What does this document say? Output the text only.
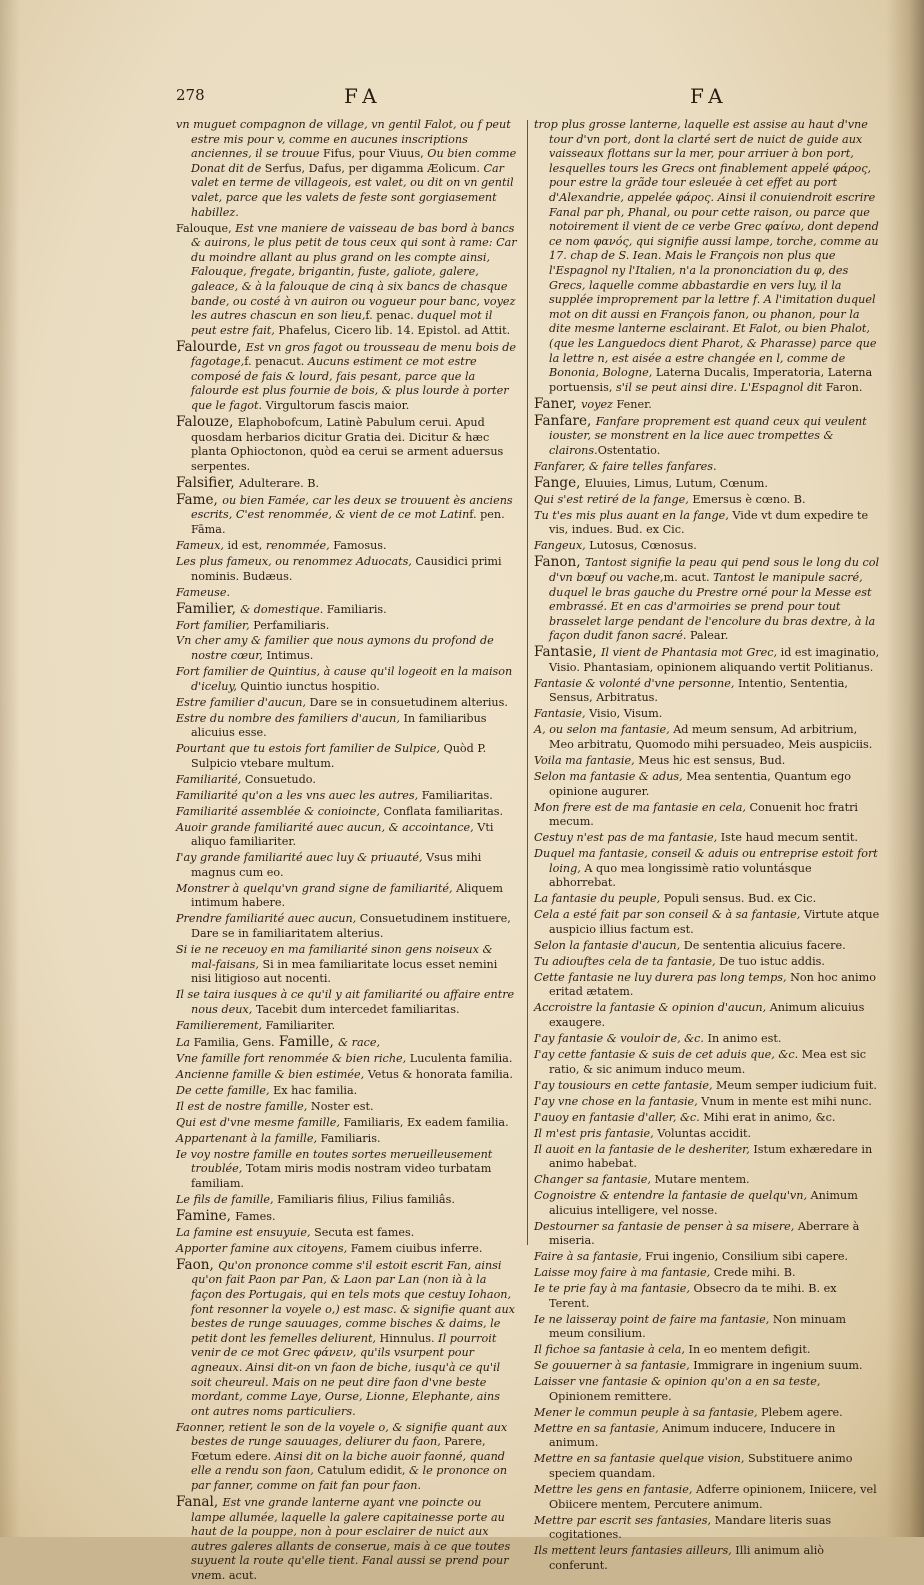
278	FA	FA

vn muguet compagnon de village, vn gentil Falot, ou f peut estre mis pour v, comme en aucunes inscriptions anciennes, il se trouue Fifus, pour Viuus, Ou bien comme Donat dit de Serfus, Dafus, per digamma Æolicum. Car valet en terme de villageois, est valet, ou dit on vn gentil valet, parce que les valets de feste sont gorgiasement habillez.

Falouque, Est vne maniere de vaisseau de bas bord à bancs & auirons, le plus petit de tous ceux qui sont à rame: Car du moindre allant au plus grand on les compte ainsi, Falouque, fregate, brigantin, fuste, galiote, galere, galeace, & à la falouque de cinq à six bancs de chasque bande, ou costé à vn auiron ou vogueur pour banc, voyez les autres chascun en son lieu,f. penac. duquel mot il peut estre fait, Phafelus, Cicero lib. 14. Epistol. ad Attit.

Falourde, Est vn gros fagot ou trousseau de menu bois de fagotage,f. penacut. Aucuns estiment ce mot estre composé de fais & lourd, fais pesant, parce que la falourde est plus fournie de bois, & plus lourde à porter que le fagot. Virgultorum fascis maior.

Falouze, Elaphobofcum, Latinè Pabulum cerui. Apud quosdam herbarios dicitur Gratia dei. Dicitur & hæc planta Ophioctonon, quòd ea cerui se arment aduersus serpentes.

Falsifier, Adulterare. B.

Fame, ou bien Famée, car les deux se trouuent ès anciens escrits, C'est renommée, & vient de ce mot Latinf. pen. Fāma.

Fameux, id est, renommée, Famosus.

Les plus fameux, ou renommez Aduocats, Causidici primi nominis. Budæus.

Fameuse.

Familier, & domestique. Familiaris.

Fort familier, Perfamiliaris.

Vn cher amy & familier que nous aymons du profond de nostre cœur, Intimus.

Fort familier de Quintius, à cause qu'il logeoit en la maison d'iceluy, Quintio iunctus hospitio.

Estre familier d'aucun, Dare se in consuetudinem alterius.

Estre du nombre des familiers d'aucun, In familiaribus alicuius esse.

Pourtant que tu estois fort familier de Sulpice, Quòd P. Sulpicio vtebare multum.

Familiarité, Consuetudo.

Familiarité qu'on a les vns auec les autres, Familiaritas.

Familiarité assemblée & conioincte, Conflata familiaritas.

Auoir grande familiarité auec aucun, & accointance, Vti aliquo familiariter.

I'ay grande familiarité auec luy & priuauté, Vsus mihi magnus cum eo.

Monstrer à quelqu'vn grand signe de familiarité, Aliquem intimum habere.

Prendre familiarité auec aucun, Consuetudinem instituere, Dare se in familiaritatem alterius.

Si ie ne receuoy en ma familiarité sinon gens noiseux & mal-faisans, Si in mea familiaritate locus esset nemini nisi litigioso aut nocenti.

Il se taira iusques à ce qu'il y ait familiarité ou affaire entre nous deux, Tacebit dum intercedet familiaritas.

Familierement, Familiariter.

La Familia, Gens. Famille, & race,

Vne famille fort renommée & bien riche, Luculenta familia.

Ancienne famille & bien estimée, Vetus & honorata familia.

De cette famille, Ex hac familia.

Il est de nostre famille, Noster est.

Qui est d'vne mesme famille, Familiaris, Ex eadem familia.

Appartenant à la famille, Familiaris.

Ie voy nostre famille en toutes sortes merueilleusement troublée, Totam miris modis nostram video turbatam familiam.

Le fils de famille, Familiaris filius, Filius familiâs.

Famine, Fames.

La famine est ensuyuie, Secuta est fames.

Apporter famine aux citoyens, Famem ciuibus inferre.

Faon, Qu'on prononce comme s'il estoit escrit Fan, ainsi qu'on fait Paon par Pan, & Laon par Lan (non ià à la façon des Portugais, qui en tels mots que cestuy Iohaon, font resonner la voyele o,) est masc. & signifie quant aux bestes de runge sauuages, comme bisches & daims, le petit dont les femelles deliurent, Hinnulus. Il pourroit venir de ce mot Grec φάνειν, qu'ils vsurpent pour agneaux. Ainsi dit-on vn faon de biche, iusqu'à ce qu'il soit cheureul. Mais on ne peut dire faon d'vne beste mordant, comme Laye, Ourse, Lionne, Elephante, ains ont autres noms particuliers.

Faonner, retient le son de la voyele o, & signifie quant aux bestes de runge sauuages, deliurer du faon, Parere, Fœtum edere. Ainsi dit on la biche auoir faonné, quand elle a rendu son faon, Catulum edidit, & le prononce on par fanner, comme on fait fan pour faon.

Fanal, Est vne grande lanterne ayant vne poincte ou lampe allumée, laquelle la galere capitainesse porte au haut de la pouppe, non à pour esclairer de nuict aux autres galeres allants de conserue, mais à ce que toutes suyuent la route qu'elle tient. Fanal aussi se prend pour vnem. acut.

trop plus grosse lanterne, laquelle est assise au haut d'vne tour d'vn port, dont la clarté sert de nuict de guide aux vaisseaux flottans sur la mer, pour arriuer à bon port, lesquelles tours les Grecs ont finablement appelé φάρος, pour estre la grãde tour esleuée à cet effet au port d'Alexandrie, appelée φάρος. Ainsi il conuiendroit escrire Fanal par ph, Phanal, ou pour cette raison, ou parce que notoirement il vient de ce verbe Grec φαίνω, dont depend ce nom φανός, qui signifie aussi lampe, torche, comme au 17. chap de S. Iean. Mais le François non plus que l'Espagnol ny l'Italien, n'a la prononciation du φ, des Grecs, laquelle comme abbastardie en vers luy, il la supplée improprement par la lettre f. A l'imitation duquel mot on dit aussi en François fanon, ou phanon, pour la dite mesme lanterne esclairant. Et Falot, ou bien Phalot, (que les Languedocs dient Pharot, & Pharasse) parce que la lettre n, est aisée a estre changée en l, comme de Bononia, Bologne, Laterna Ducalis, Imperatoria, Laterna portuensis, s'il se peut ainsi dire. L'Espagnol dit Faron.

Faner, voyez Fener.

Fanfare, Fanfare proprement est quand ceux qui veulent iouster, se monstrent en la lice auec trompettes & clairons.Ostentatio.

Fanfarer, & faire telles fanfares.

Fange, Eluuies, Limus, Lutum, Cœnum.

Qui s'est retiré de la fange, Emersus è cœno. B.

Tu t'es mis plus auant en la fange, Vide vt dum expedire te vis, indues. Bud. ex Cic.

Fangeux, Lutosus, Cœnosus.

Fanon, Tantost signifie la peau qui pend sous le long du col d'vn bœuf ou vache,m. acut. Tantost le manipule sacré, duquel le bras gauche du Prestre orné pour la Messe est embrassé. Et en cas d'armoiries se prend pour tout brasselet large pendant de l'encolure du bras dextre, à la façon dudit fanon sacré. Palear.

Fantasie, Il vient de Phantasia mot Grec, id est imaginatio, Visio. Phantasiam, opinionem aliquando vertit Politianus.

Fantasie & volonté d'vne personne, Intentio, Sententia, Sensus, Arbitratus.

Fantasie, Visio, Visum.

A, ou selon ma fantasie, Ad meum sensum, Ad arbitrium, Meo arbitratu, Quomodo mihi persuadeo, Meis auspiciis.

Voila ma fantasie, Meus hic est sensus, Bud.

Selon ma fantasie & adus, Mea sententia, Quantum ego opinione augurer.

Mon frere est de ma fantasie en cela, Conuenit hoc fratri mecum.

Cestuy n'est pas de ma fantasie, Iste haud mecum sentit.

Duquel ma fantasie, conseil & aduis ou entreprise estoit fort loing, A quo mea longissimè ratio voluntásque abhorrebat.

La fantasie du peuple, Populi sensus. Bud. ex Cic.

Cela a esté fait par son conseil & à sa fantasie, Virtute atque auspicio illius factum est.

Selon la fantasie d'aucun, De sententia alicuius facere.

Tu adiouftes cela de ta fantasie, De tuo istuc addis.

Cette fantasie ne luy durera pas long temps, Non hoc animo eritad ætatem.

Accroistre la fantasie & opinion d'aucun, Animum alicuius exaugere.

I'ay fantasie & vouloir de, &c. In animo est.

I'ay cette fantasie & suis de cet aduis que, &c. Mea est sic ratio, & sic animum induco meum.

I'ay tousiours en cette fantasie, Meum semper iudicium fuit.

I'ay vne chose en la fantasie, Vnum in mente est mihi nunc.

I'auoy en fantasie d'aller, &c. Mihi erat in animo, &c.

Il m'est pris fantasie, Voluntas accidit.

Il auoit en la fantasie de le desheriter, Istum exhæredare in animo habebat.

Changer sa fantasie, Mutare mentem.

Cognoistre & entendre la fantasie de quelqu'vn, Animum alicuius intelligere, vel nosse.

Destourner sa fantasie de penser à sa misere, Aberrare à miseria.

Faire à sa fantasie, Frui ingenio, Consilium sibi capere.

Laisse moy faire à ma fantasie, Crede mihi. B.

Ie te prie fay à ma fantasie, Obsecro da te mihi. B. ex Terent.

Ie ne laisseray point de faire ma fantasie, Non minuam meum consilium.

Il fichoe sa fantasie à cela, In eo mentem defigit.

Se gouuerner à sa fantasie, Immigrare in ingenium suum.

Laisser vne fantasie & opinion qu'on a en sa teste, Opinionem remittere.

Mener le commun peuple à sa fantasie, Plebem agere.

Mettre en sa fantasie, Animum inducere, Inducere in animum.

Mettre en sa fantasie quelque vision, Substituere animo speciem quandam.

Mettre les gens en fantasie, Adferre opinionem, Iniicere, vel Obiicere mentem, Percutere animum.

Mettre par escrit ses fantasies, Mandare literis suas cogitationes.

Ils mettent leurs fantasies ailleurs, Illi animum aliò conferunt.
